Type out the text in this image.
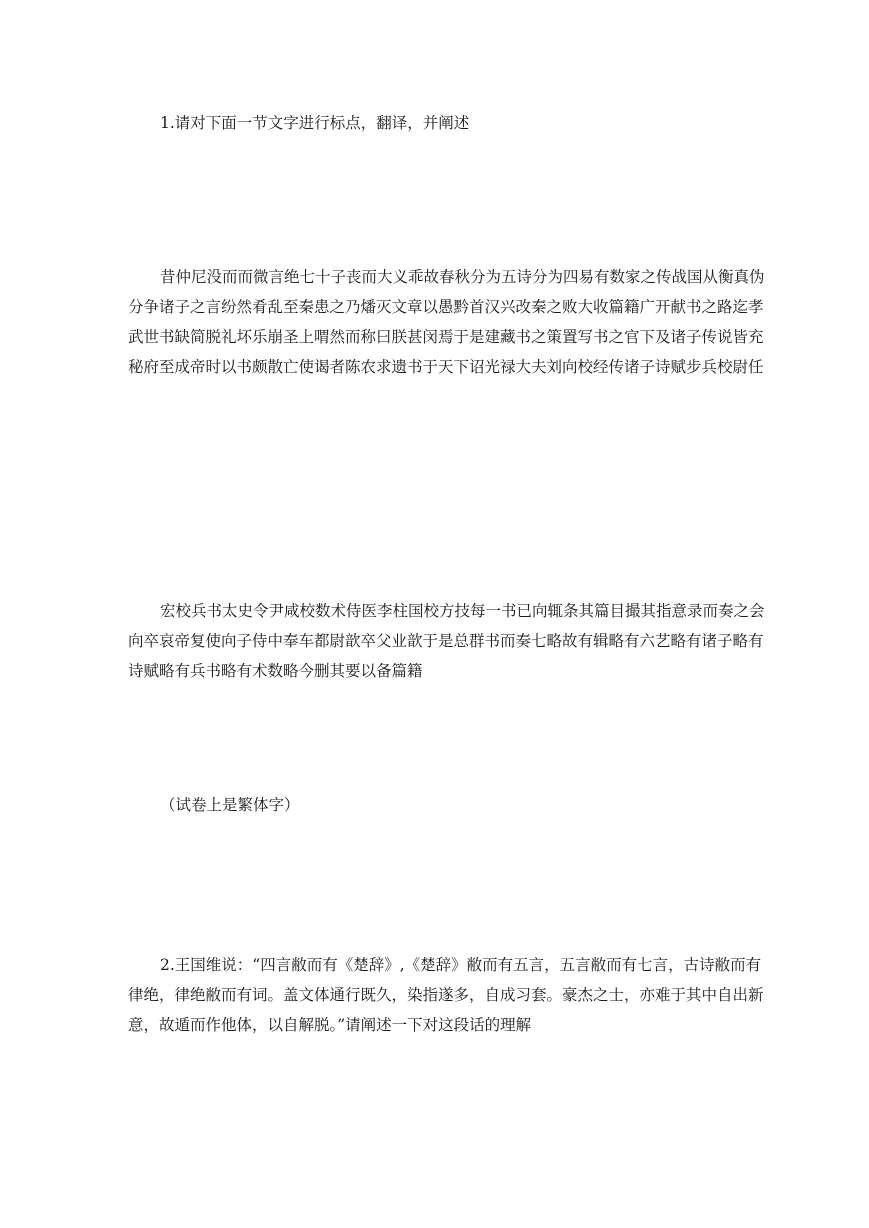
1.请对下面一节文字进行标点，翻译，并阐述

昔仲尼没而而微言绝七十子丧而大义乖故春秋分为五诗分为四易有数家之传战国从衡真伪分争诸子之言纷然肴乱至秦患之乃燔灭文章以愚黔首汉兴改秦之败大收篇籍广开献书之路迄孝武世书缺简脱礼坏乐崩圣上喟然而称曰朕甚闵焉于是建藏书之策置写书之官下及诸子传说皆充秘府至成帝时以书颇散亡使谒者陈农求遗书于天下诏光禄大夫刘向校经传诸子诗赋步兵校尉任

宏校兵书太史令尹咸校数术侍医李柱国校方技每一书已向辄条其篇目撮其指意录而奏之会向卒哀帝复使向子侍中奉车都尉歆卒父业歆于是总群书而奏七略故有辑略有六艺略有诸子略有诗赋略有兵书略有术数略今删其要以备篇籍

（试卷上是繁体字）

2.王国维说：“四言敝而有《楚辞》,《楚辞》敝而有五言，五言敝而有七言，古诗敝而有律绝，律绝敝而有词。盖文体通行既久，染指遂多，自成习套。豪杰之士，亦难于其中自出新意，故遁而作他体，以自解脱。”请阐述一下对这段话的理解
